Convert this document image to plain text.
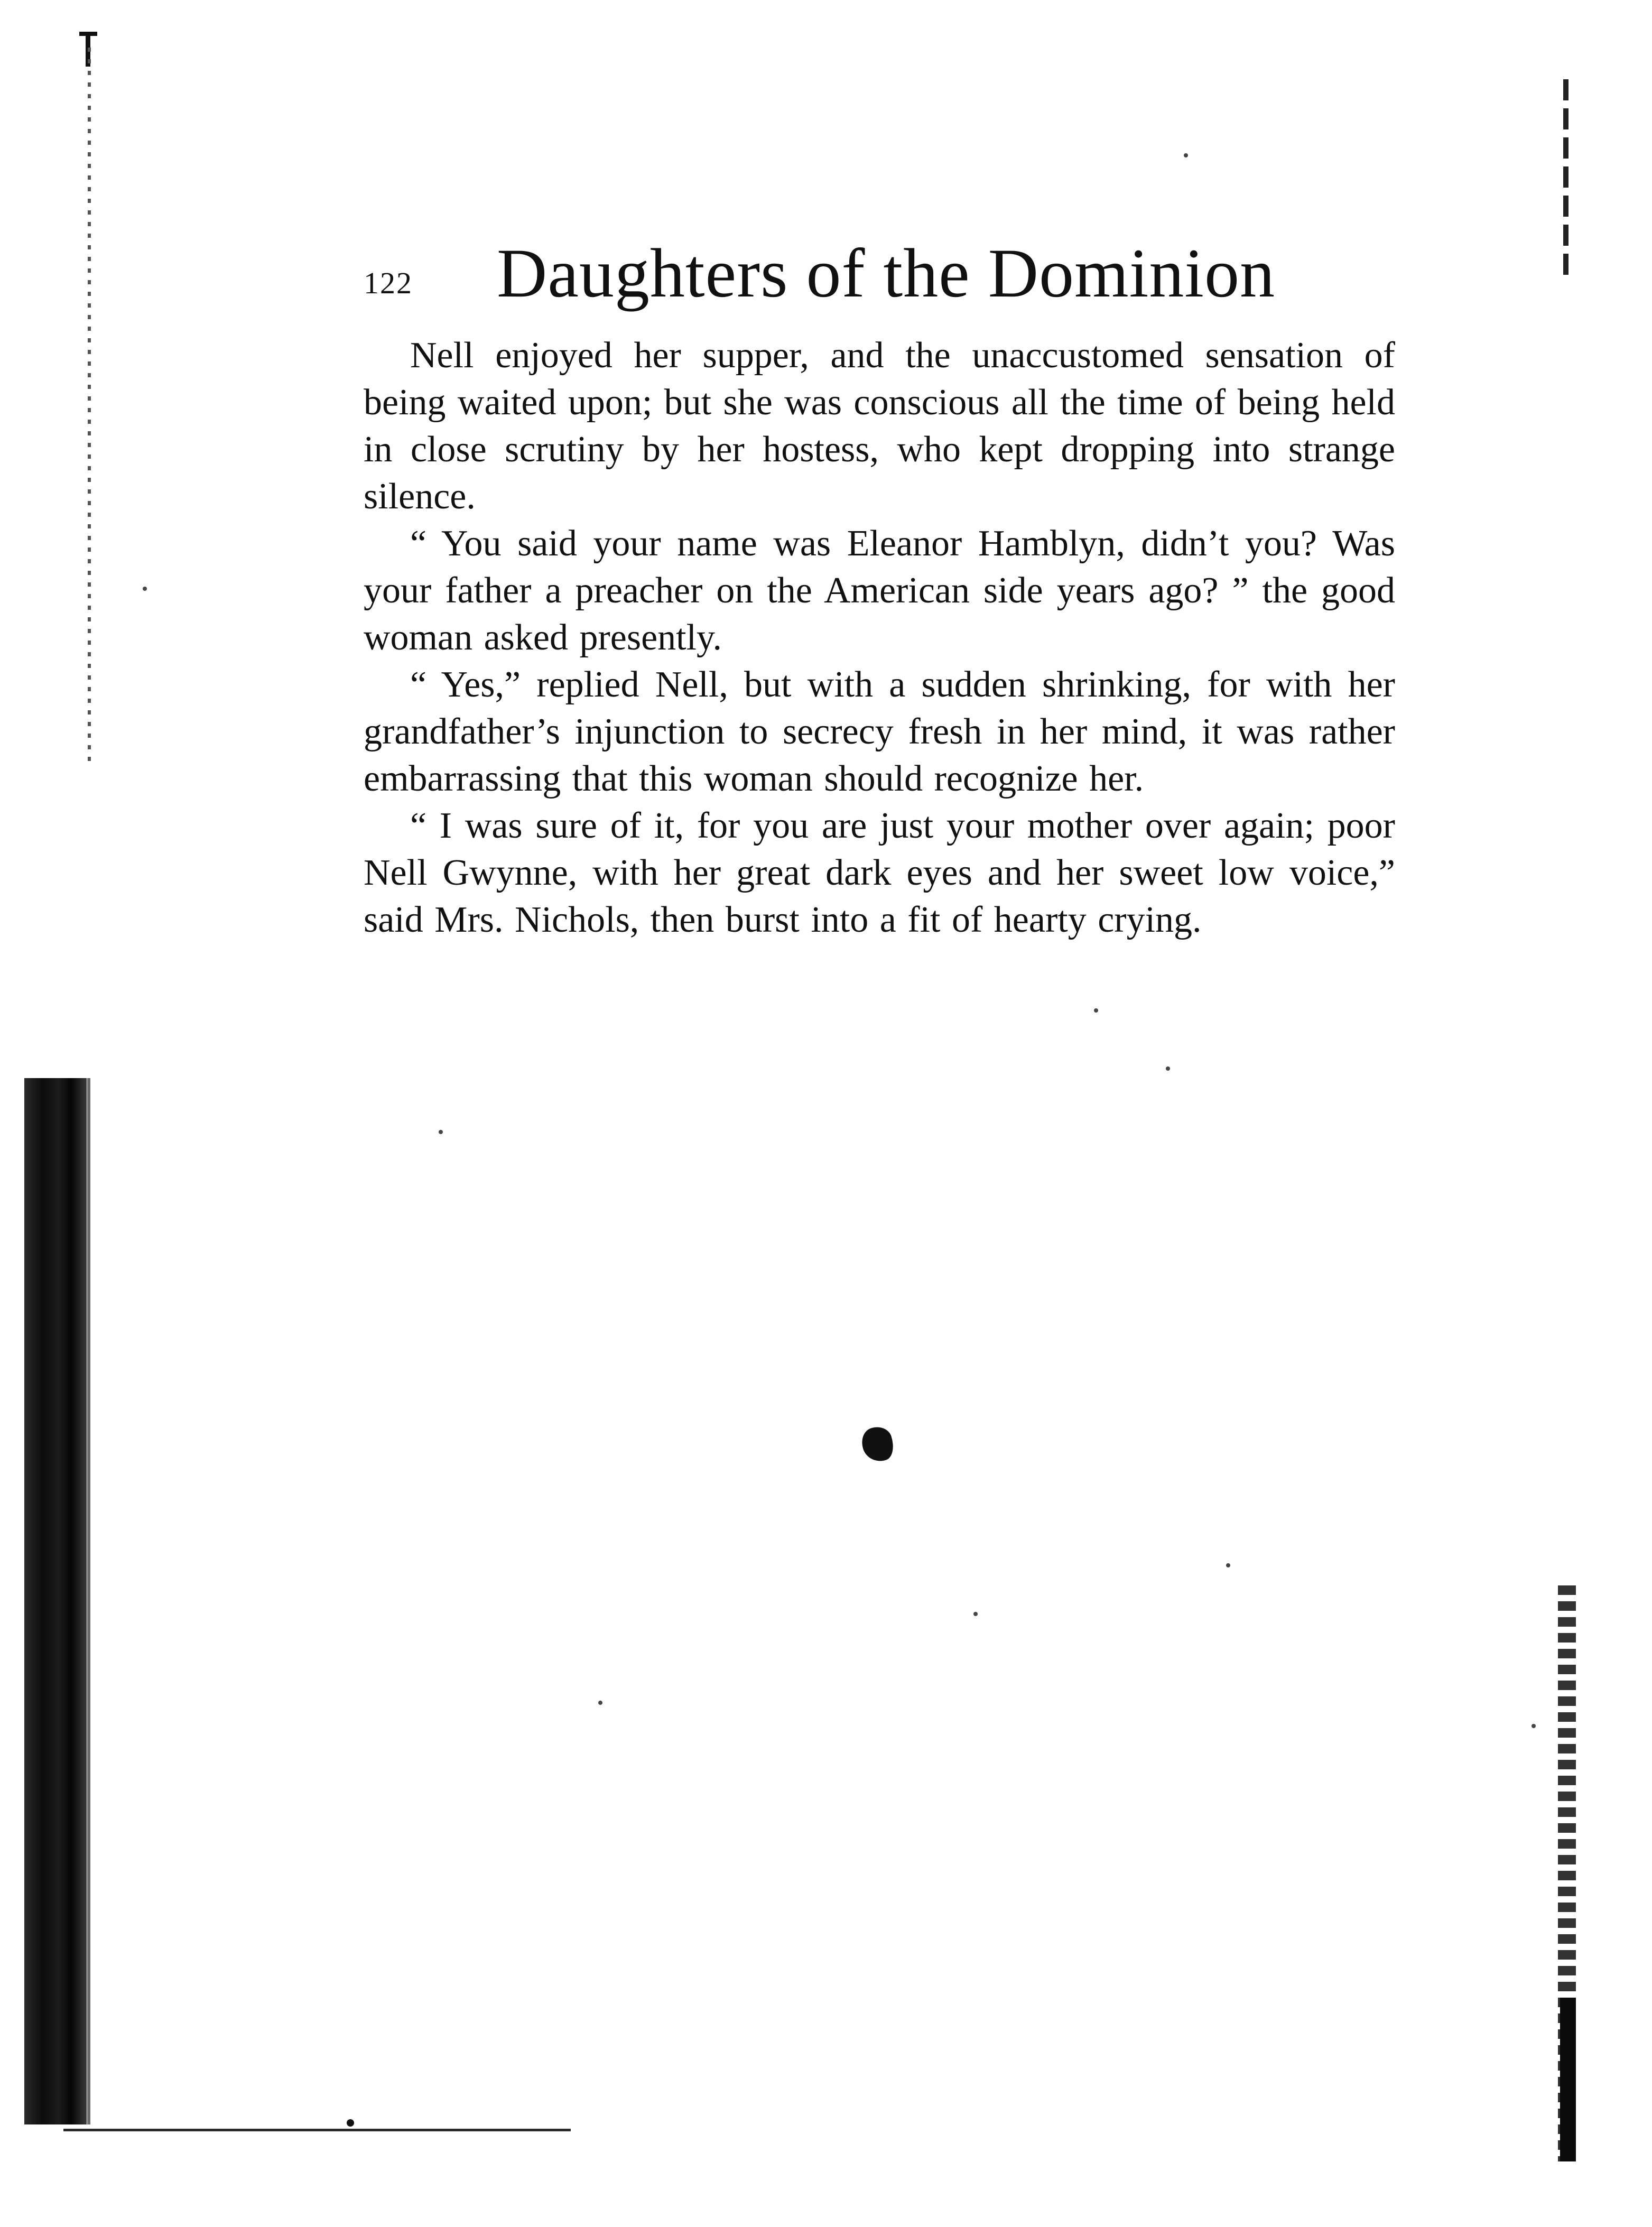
122 Daughters of the Dominion

Nell enjoyed her supper, and the unaccustomed sensation of being waited upon; but she was conscious all the time of being held in close scrutiny by her hostess, who kept dropping into strange silence.

“ You said your name was Eleanor Hamblyn, didn’t you? Was your father a preacher on the American side years ago? ” the good woman asked presently.

“ Yes,” replied Nell, but with a sudden shrinking, for with her grandfather’s injunction to secrecy fresh in her mind, it was rather embarrassing that this woman should recognize her.

“ I was sure of it, for you are just your mother over again; poor Nell Gwynne, with her great dark eyes and her sweet low voice,” said Mrs. Nichols, then burst into a fit of hearty crying.
